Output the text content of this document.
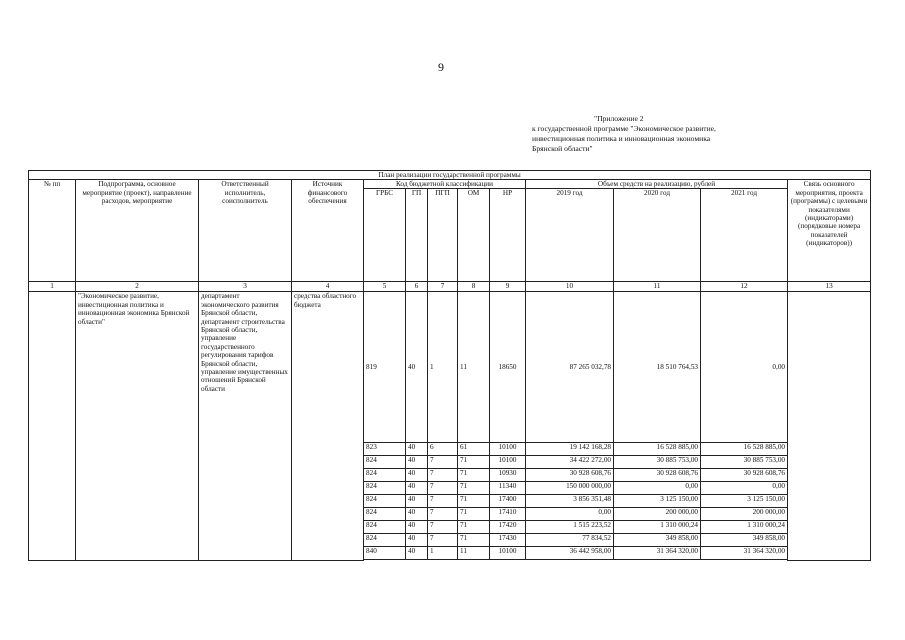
9
"Приложение 2
к государственной программе "Экономическое развитие,
инвестиционная политика и инновационная экономика
Брянской области"
План реализации государственной программы												
№ пп	Подпрограмма, основное мероприятие (проект), направление расходов, мероприятие	Ответственный исполнитель, соисполнитель	Источник финансового обеспечения	Код бюджетной классификации					Объем средств на реализацию, рублей			Связь основного мероприятия, проекта (программы) с целевыми показателями (индикаторами) (порядковые номера показателей (индикаторов))
				ГРБС	ГП	ПГП	ОМ	НР	2019 год	2020 год	2021 год	
1	2	3	4	5	6	7	8	9	10	11	12	13
	"Экономическое развитие, инвестиционная политика и инновационная экономика Брянской области"	департамент экономического развития Брянской области, департамент строительства Брянской области, управление государственного регулирования тарифов Брянской области, управление имущественных отношений Брянской области	средства областного бюджета	819	40	1	11	18650	87 265 032,78	18 510 764,53	0,00	
				823	40	6	61	10100	19 142 168,28	16 528 885,00	16 528 885,00	
				824	40	7	71	10100	34 422 272,00	30 885 753,00	30 885 753,00	
				824	40	7	71	10930	30 928 608,76	30 928 608,76	30 928 608,76	
				824	40	7	71	11340	150 000 000,00	0,00	0,00	
				824	40	7	71	17400	3 856 351,48	3 125 150,00	3 125 150,00	
				824	40	7	71	17410	0,00	200 000,00	200 000,00	
				824	40	7	71	17420	1 515 223,52	1 310 000,24	1 310 000,24	
				824	40	7	71	17430	77 834,52	349 858,00	349 858,00	
				840	40	1	11	10100	36 442 958,00	31 364 320,00	31 364 320,00	
